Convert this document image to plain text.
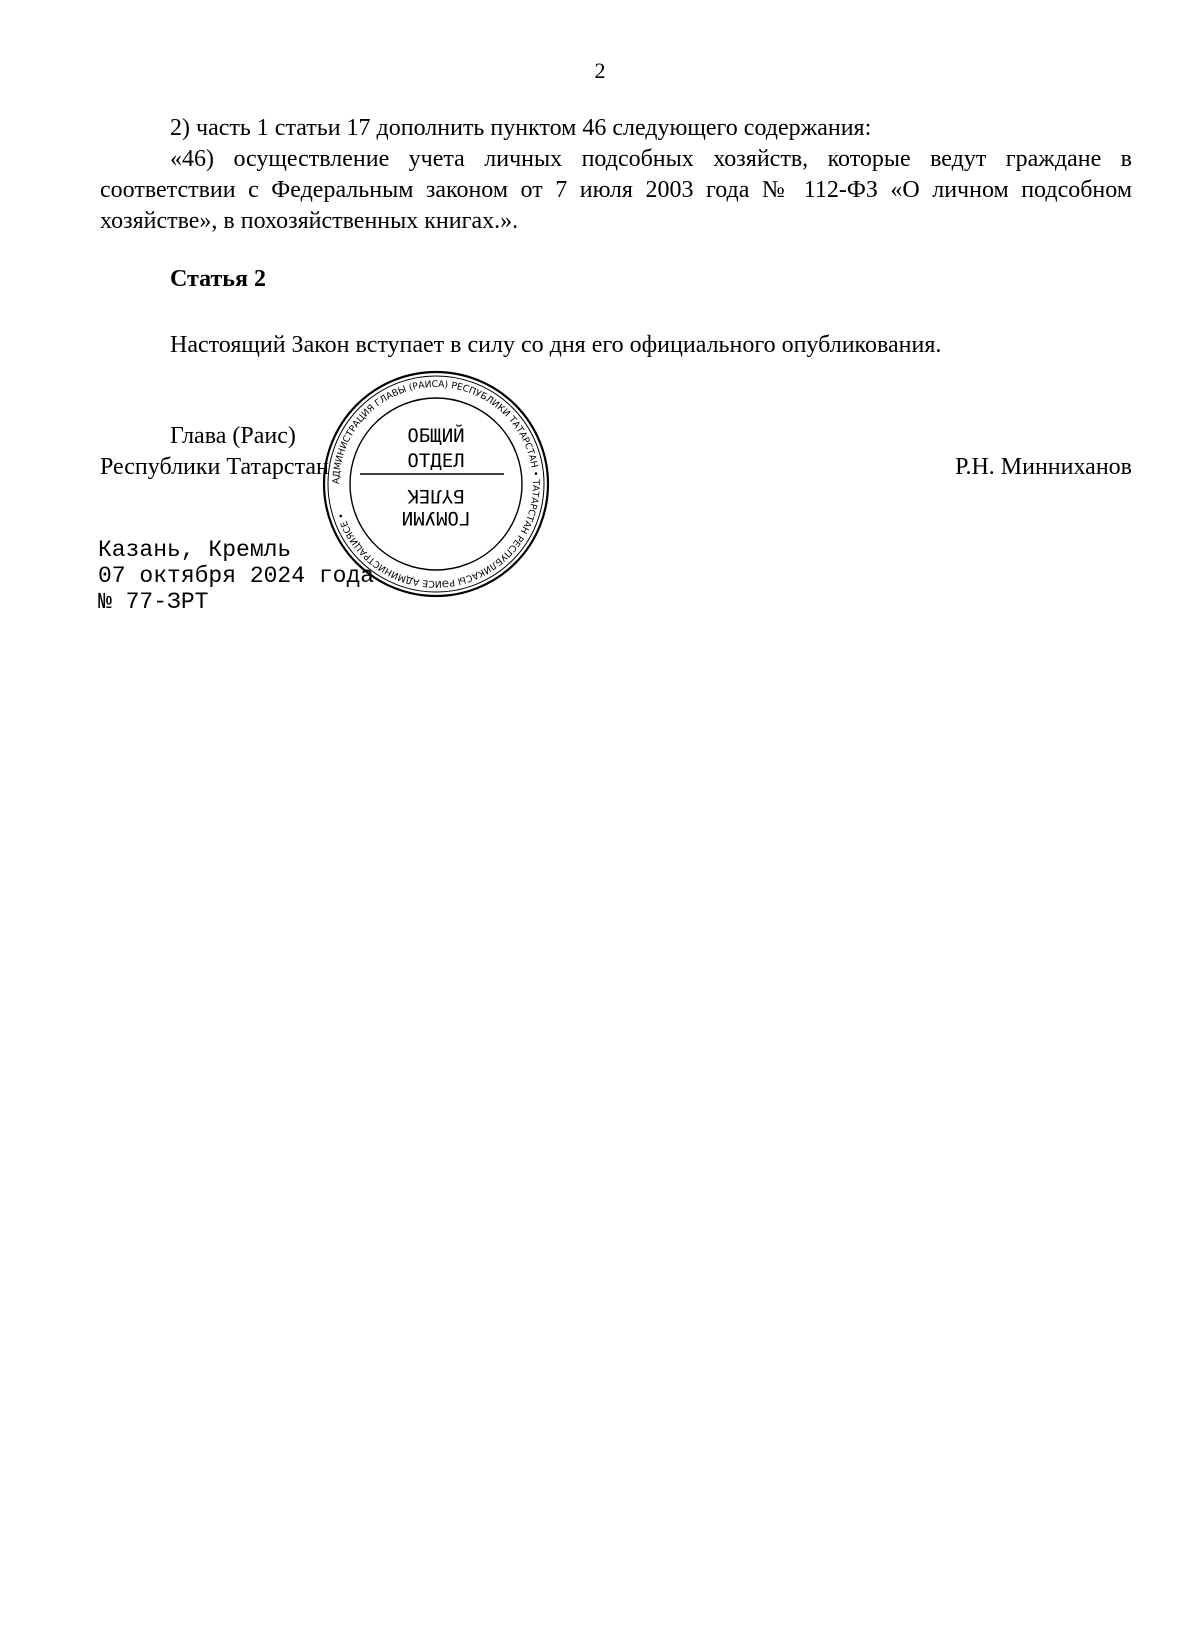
2

2) часть 1 статьи 17 дополнить пунктом 46 следующего содержания:

«46) осуществление учета личных подсобных хозяйств, которые ведут граждане в соответствии с Федеральным законом от 7 июля 2003 года № 112-ФЗ «О личном подсобном хозяйстве», в похозяйственных книгах.».

Статья 2
Настоящий Закон вступает в силу со дня его официального опубликования.
Глава (Раис)
Республики Татарстан	Р.Н. Минниханов
АДМИНИСТРАЦИЯ ГЛАВЫ (РАИСА) РЕСПУБЛИКИ ТАТАРСТАН • ТАТАРСТАН РЕСПУБЛИКАСЫ РӘИСЕ АДМИНИСТРАЦИЯСЕ •
ОБЩИЙ
ОТДЕЛ
БҮЛЕК
ГОМУМИ
Казань, Кремль
07 октября 2024 года
№ 77-ЗРТ
